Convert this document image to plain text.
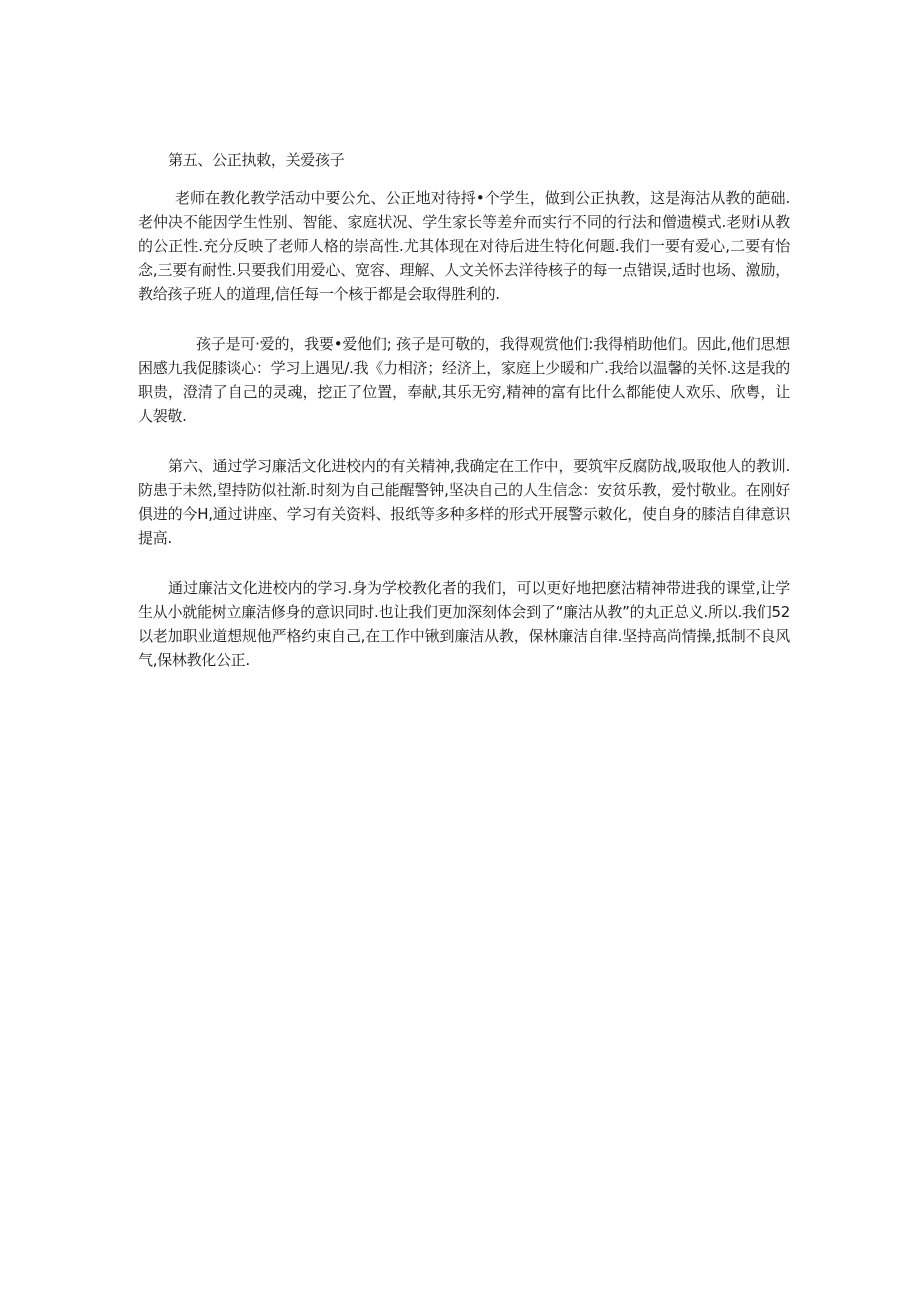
第五、公正执敕，关爱孩子

老师在教化教学活动中要公允、公正地对待捋•个学生，做到公正执教，这是海沽从教的葩础.老仲决不能因学生性别、智能、家庭状况、学生家长等差弁而实行不同的行法和僧遗模式.老财i从教的公正性.充分反映了老师人格的崇高性.尤其体现在对待后进生特化何题.我们一要有爱心,二要有怡念,三要有耐性.只要我们用爱心、宽容、理解、人文关怀去洋待核子的每一点错误,适时也场、激励，教给孩子班人的道理,信任每一个核于都是会取得胜利的.

孩子是可·爱的，我要•爱他们; 孩子是可敬的，我得观赏他们:我得梢助他们。因此,他们思想困感九我促膝谈心：学习上遇见/.我《力相济；经济上，家庭上少暖和广.我给以温馨的关怀.这是我的职贵，澄清了自己的灵魂，挖正了位置，奉献,其乐无穷,精神的富有比什么都能使人欢乐、欣粤，让人袈敬.

第六、通过学习廉活文化进校内的有关精神,我确定在工作中，要筑牢反腐防战,吸取他人的教训.防患于未然,望持防似社渐.时刻为自己能醒警钟,坚决自己的人生信念：安贫乐教，爱忖敬业。在刚好俱进的今H,通过讲座、学习有关资料、报纸等多种多样的形式开展警示敕化，使自身的膝洁自律意识提高.

通过廉沽文化进校内的学习.身为学校教化者的我们，可以更好地把麽沽精神带进我的课堂,让学生从小就能树立廉洁修身的意识同时.也让我们更加深刻体会到了“廉沽从教”的丸正总义.所以.我们52以老加职业道想规他严格约束自己,在工作中锹到廉洁从教，保林廉洁自律.坚持高尚情操,抵制不良风气,保林教化公正.
